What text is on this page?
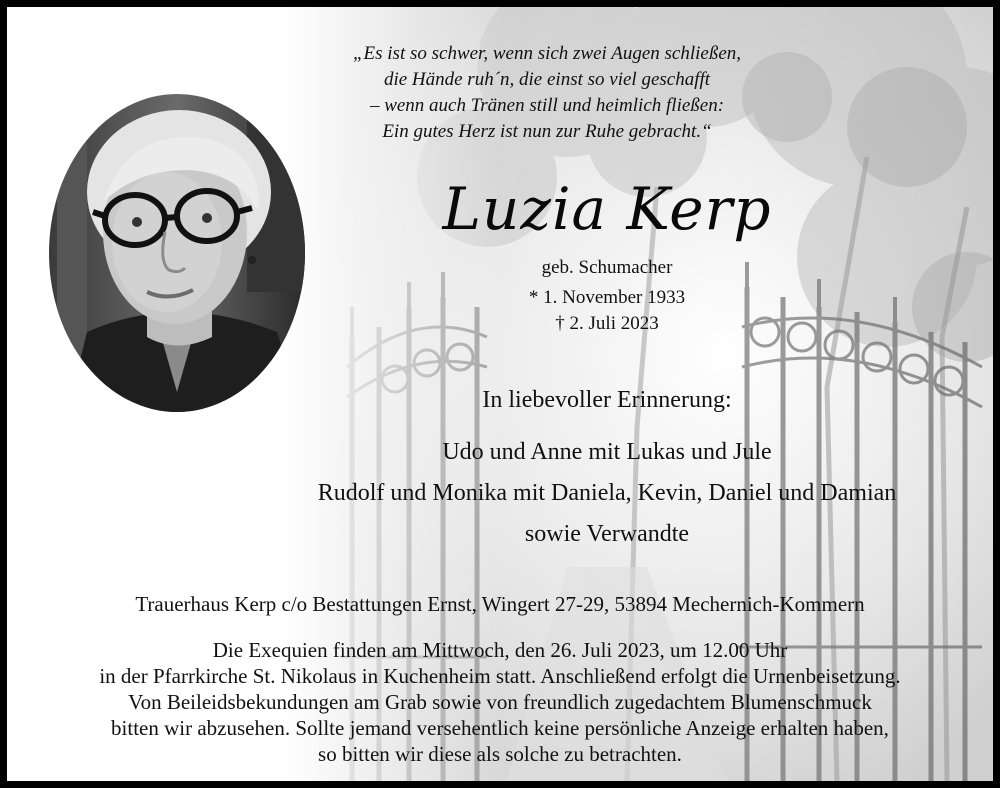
„Es ist so schwer, wenn sich zwei Augen schließen,
die Hände ruh´n, die einst so viel geschafft
– wenn auch Tränen still und heimlich fließen:
Ein gutes Herz ist nun zur Ruhe gebracht.“
Luzia Kerp
geb. Schumacher
* 1. November 1933
† 2. Juli 2023
In liebevoller Erinnerung:
Udo und Anne mit Lukas und Jule
Rudolf und Monika mit Daniela, Kevin, Daniel und Damian
sowie Verwandte
Trauerhaus Kerp c/o Bestattungen Ernst, Wingert 27-29, 53894 Mechernich-Kommern
Die Exequien finden am Mittwoch, den 26. Juli 2023, um 12.00 Uhr
in der Pfarrkirche St. Nikolaus in Kuchenheim statt. Anschließend erfolgt die Urnenbeisetzung.
Von Beileidsbekundungen am Grab sowie von freundlich zugedachtem Blumenschmuck
bitten wir abzusehen. Sollte jemand versehentlich keine persönliche Anzeige erhalten haben,
so bitten wir diese als solche zu betrachten.
